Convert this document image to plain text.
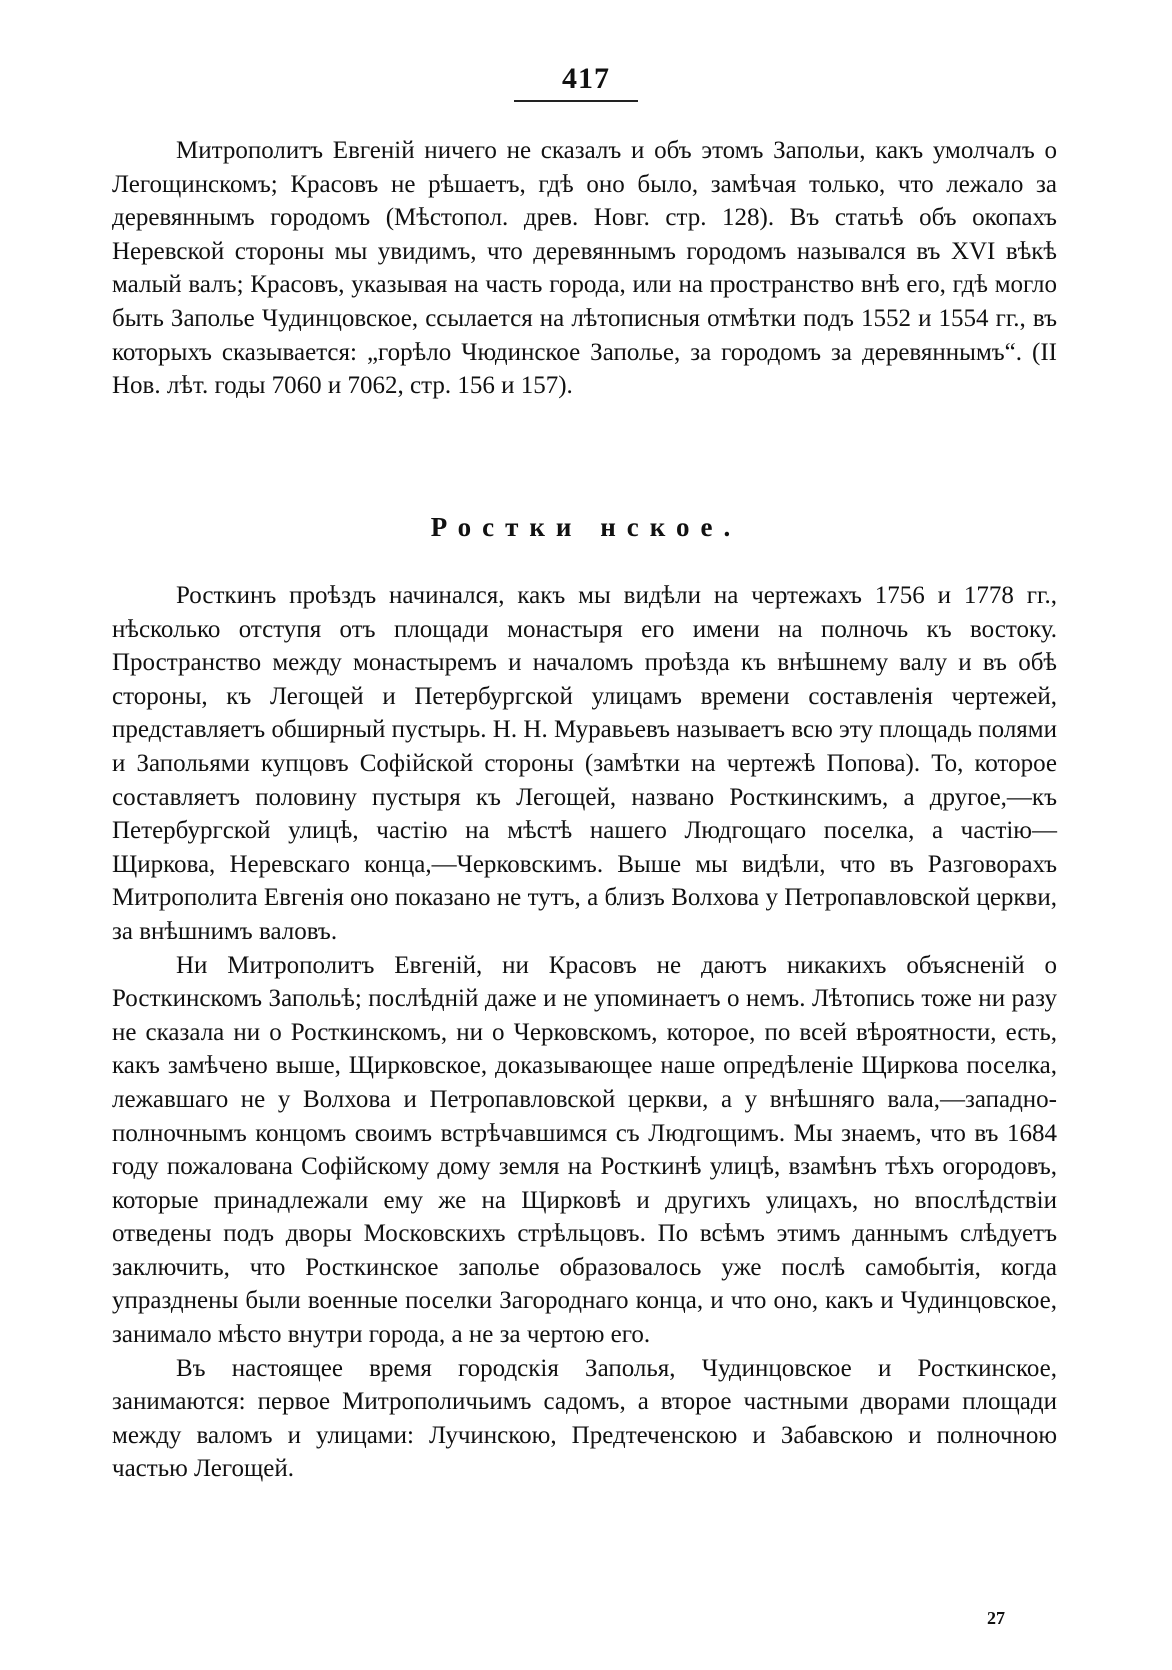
417

Митрополитъ Евгеній ничего не сказалъ и объ этомъ Запольи, какъ умолчалъ о Легощинскомъ; Красовъ не рѣшаетъ, гдѣ оно было, замѣчая только, что лежало за деревяннымъ городомъ (Мѣстопол. древ. Новг. стр. 128). Въ статьѣ объ окопахъ Неревской стороны мы увидимъ, что деревяннымъ городомъ назывался въ XVI вѣкѣ малый валъ; Красовъ, указывая на часть города, или на пространство внѣ его, гдѣ могло быть Заполье Чудинцовское, ссылается на лѣтописныя отмѣтки подъ 1552 и 1554 гг., въ которыхъ сказывается: „горѣло Чюдинское Заполье, за городомъ за деревяннымъ“. (II Нов. лѣт. годы 7060 и 7062, стр. 156 и 157).

Ростки нское.

Росткинъ проѣздъ начинался, какъ мы видѣли на чертежахъ 1756 и 1778 гг., нѣсколько отступя отъ площади монастыря его имени на полночь къ востоку. Пространство между монастыремъ и началомъ проѣзда къ внѣшнему валу и въ обѣ стороны, къ Легощей и Петербургской улицамъ времени составленія чертежей, представляетъ обширный пустырь. Н. Н. Муравьевъ называетъ всю эту площадь полями и Запольями купцовъ Софійской стороны (замѣтки на чертежѣ Попова). То, которое составляетъ половину пустыря къ Легощей, названо Росткинскимъ, а другое,—къ Петербургской улицѣ, частію на мѣстѣ нашего Людгощаго поселка, а частію—Щиркова, Неревскаго конца,—Черковскимъ. Выше мы видѣли, что въ Разговорахъ Митрополита Евгенія оно показано не тутъ, а близъ Волхова у Петропавловской церкви, за внѣшнимъ валовъ.

Ни Митрополитъ Евгеній, ни Красовъ не даютъ никакихъ объясненій о Росткинскомъ Запольѣ; послѣдній даже и не упоминаетъ о немъ. Лѣтопись тоже ни разу не сказала ни о Росткинскомъ, ни о Черковскомъ, которое, по всей вѣроятности, есть, какъ замѣчено выше, Щирковское, доказывающее наше опредѣленіе Щиркова поселка, лежавшаго не у Волхова и Петропавловской церкви, а у внѣшняго вала,—западно-полночнымъ концомъ своимъ встрѣчавшимся съ Людгощимъ. Мы знаемъ, что въ 1684 году пожалована Софійскому дому земля на Росткинѣ улицѣ, взамѣнъ тѣхъ огородовъ, которые принадлежали ему же на Щирковѣ и другихъ улицахъ, но впослѣдствіи отведены подъ дворы Московскихъ стрѣльцовъ. По всѣмъ этимъ даннымъ слѣдуетъ заключить, что Росткинское заполье образовалось уже послѣ самобытія, когда упразднены были военные поселки Загороднаго конца, и что оно, какъ и Чудинцовское, занимало мѣсто внутри города, а не за чертою его.

Въ настоящее время городскія Заполья, Чудинцовское и Росткинское, занимаются: первое Митрополичьимъ садомъ, а второе частными дворами площади между валомъ и улицами: Лучинскою, Предтеченскою и Забавскою и полночною частью Легощей.

27
